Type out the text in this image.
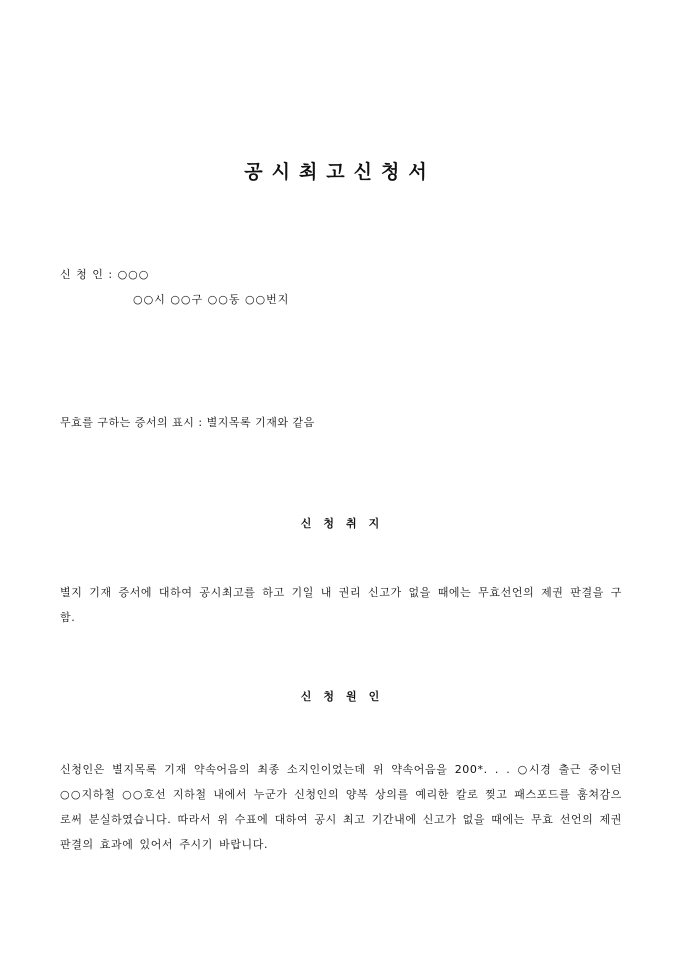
공시최고신청서
신 청 인 : ○○○
○○시 ○○구 ○○동 ○○번지
무효를 구하는 증서의 표시 : 별지목록 기재와 같음
신청취지
별지 기재 증서에 대하여 공시최고를 하고 기일 내 권리 신고가 없을 때에는 무효선언의 제권 판결을 구함.
신청원인
신청인은 별지목록 기재 약속어음의 최종 소지인이었는데 위 약속어음을 200*. . . ○시경 출근 중이던 ○○지하철 ○○호선 지하철 내에서 누군가 신청인의 양복 상의를 예리한 칼로 찢고 패스포드를 훔쳐감으로써 분실하였습니다. 따라서 위 수표에 대하여 공시 최고 기간내에 신고가 없을 때에는 무효 선언의 제권판결의 효과에 있어서 주시기 바랍니다.
